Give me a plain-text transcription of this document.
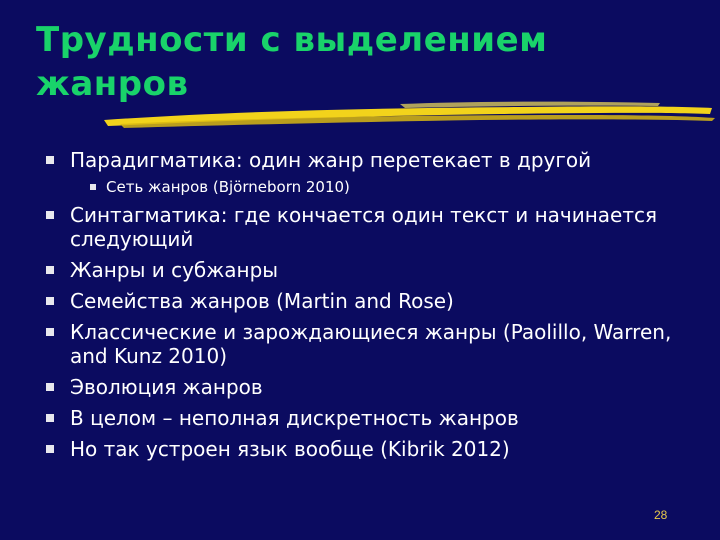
Трудности с выделением жанров
Парадигматика: один жанр перетекает в другой
Сеть жанров (Björneborn 2010)
Синтагматика: где кончается один текст и начинается следующий
Жанры и субжанры
Семейства жанров (Martin and Rose)
Классические и зарождающиеся жанры (Paolillo, Warren, and Kunz 2010)
Эволюция жанров
В целом – неполная дискретность жанров
Но так устроен язык вообще (Kibrik 2012)
28
